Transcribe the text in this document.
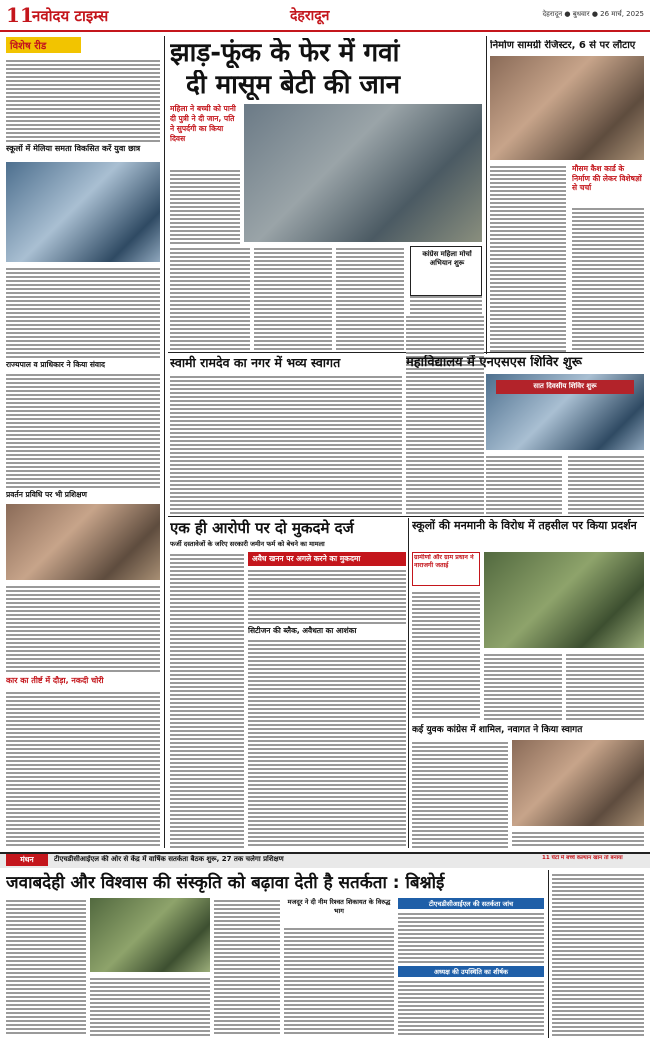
11
नवोदय टाइम्स	देहरादून	देहरादून ● बुधवार ● 26 मार्च, 2025
विशेष रीड
स्कूलों में मेलिया समता विकसित करें युवा छात्र
राज्यपाल व प्राधिकार ने किया संवाद
प्रवर्तन प्रविधि पर भी प्रशिक्षण
कार का तीर्ष्ट में दौड़ा, नकदी चोरी
झाड़-फूंक के फेर में गवां
दी मासूम बेटी की जान
महिला ने बच्ची को पानी दी पुत्री ने दी जान, पति ने सुपर्दगी का किया दिवस
कांग्रेस महिला मोर्चा अभियान शुरू
निर्माण सामग्री रेजिस्टर, 6 से पर लौटाए
मौसम कैश कार्ड के निर्माण की लेकर विशेषज्ञों से चर्चा
स्वामी रामदेव का नगर में भव्य स्वागत	महाविद्यालय में एनएसएस शिविर शुरू
सात दिवसीय शिविर शुरू
एक ही आरोपी पर दो मुकदमे दर्ज
फर्जी दस्तावेजों के जरिए सरकारी जमीन फर्म को बेचने का मामला
अवैध खनन पर अगले करने का मुकदमा
सिटीजन की ब्लैक, अवैधता का आशंका
स्कूलों की मनमानी के विरोध में तहसील पर किया प्रदर्शन
ग्रामीणों और ग्राम प्रधान ने नाराजगी जताई
कई युवक कांग्रेस में शामिल, नवागत ने किया स्वागत
मंथन	टीएचडीसीआईएल की ओर से केंद्र में वार्षिक सतर्कता बैठक शुरू, 27 तक चलेगा प्रशिक्षण	11 घेटों में बच्चे कल्यान खान तो बनाया
जवाबदेही और विश्वास की संस्कृति को बढ़ावा देती है सतर्कता : बिश्नोई
मजदूर ने दी नीम रिश्वत शिकायत के विरुद्ध भाग
टीएचडीसीआईएल की सतर्कता जांच
अध्यक्ष की उपस्थिति का शीर्षक
